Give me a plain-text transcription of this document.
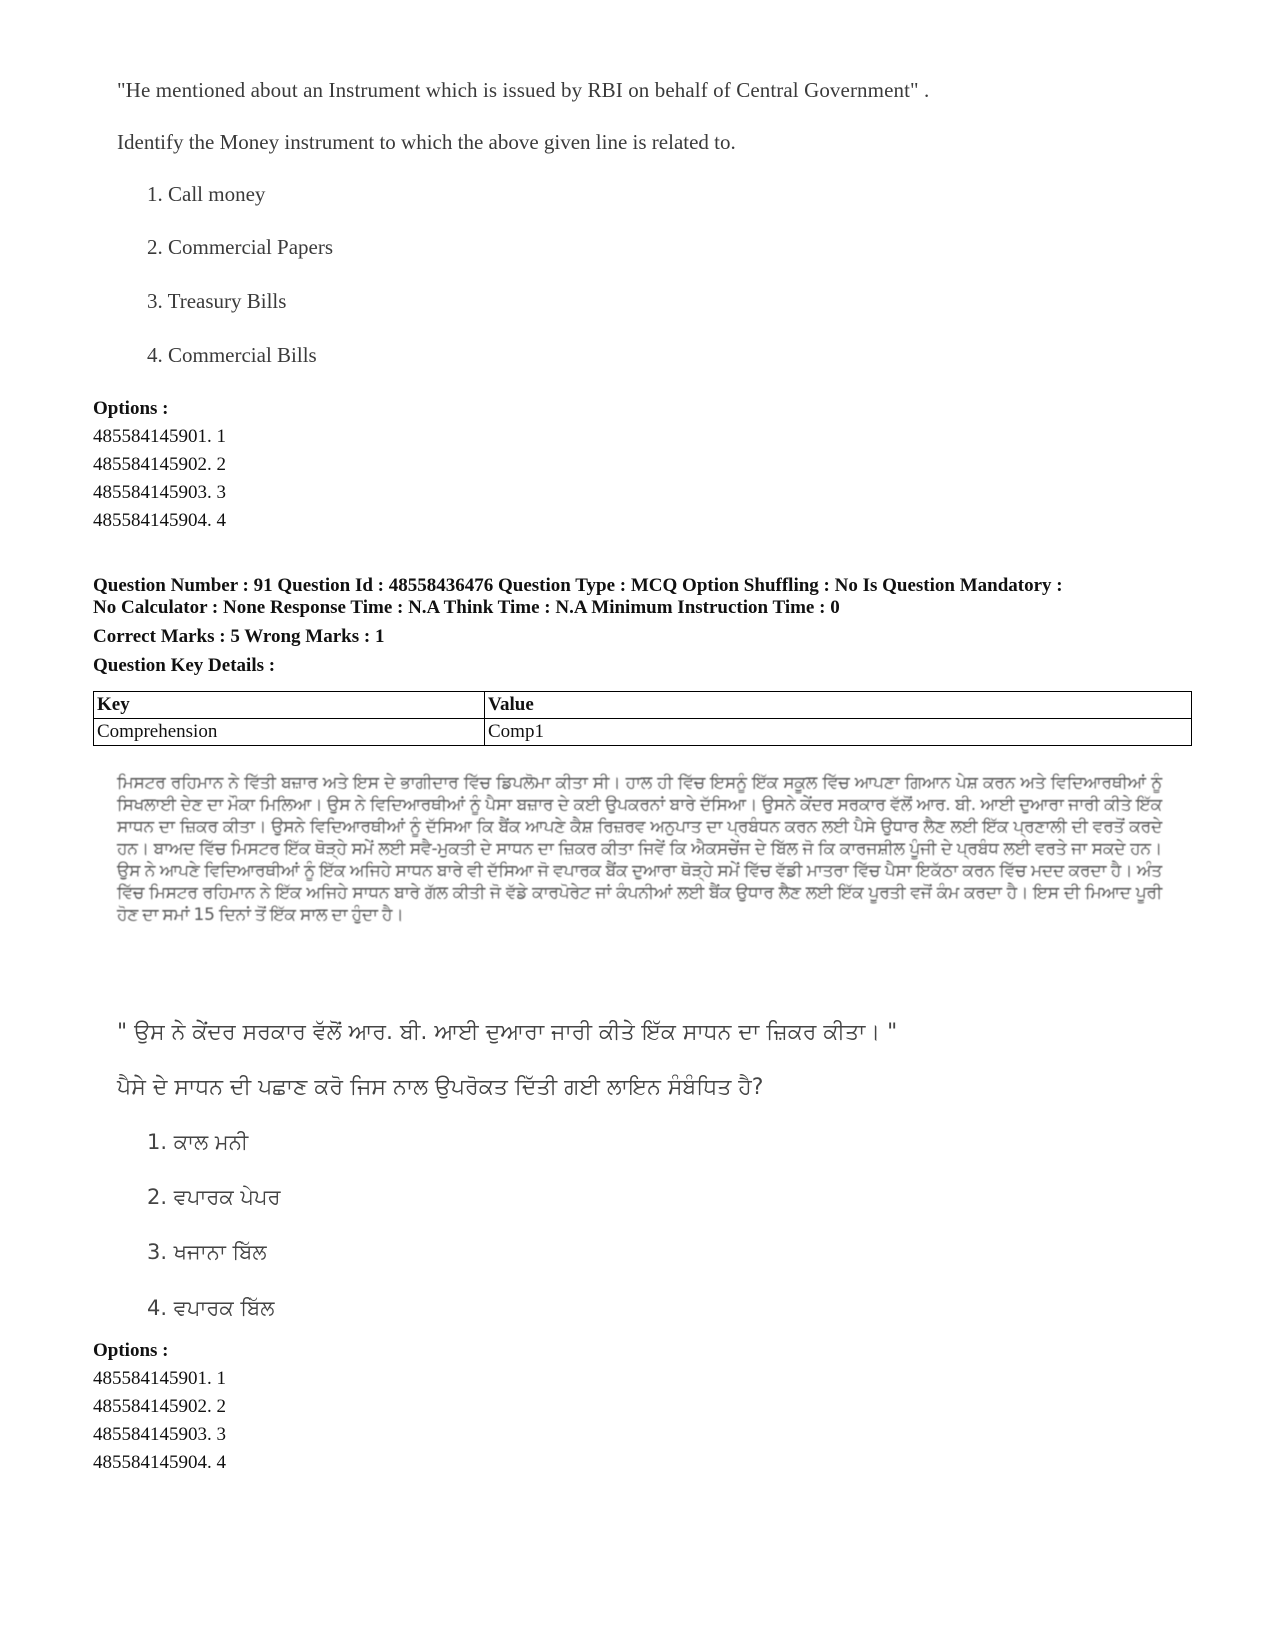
"He mentioned about an Instrument which is issued by RBI on behalf of Central Government" .
Identify the Money instrument to which the above given line is related to.
1. Call money
2. Commercial Papers
3. Treasury Bills
4. Commercial Bills
Options :
485584145901. 1
485584145902. 2
485584145903. 3
485584145904. 4
Question Number : 91 Question Id : 48558436476 Question Type : MCQ Option Shuffling : No Is Question Mandatory :
No Calculator : None Response Time : N.A Think Time : N.A Minimum Instruction Time : 0
Correct Marks : 5 Wrong Marks : 1
Question Key Details :
Key	Value
Comprehension	Comp1
ਮਿਸਟਰ ਰਹਿਮਾਨ ਨੇ ਵਿੱਤੀ ਬਜ਼ਾਰ ਅਤੇ ਇਸ ਦੇ ਭਾਗੀਦਾਰ ਵਿੱਚ ਡਿਪਲੋਮਾ ਕੀਤਾ ਸੀ। ਹਾਲ ਹੀ ਵਿੱਚ ਇਸਨੂੰ ਇੱਕ ਸਕੂਲ ਵਿੱਚ ਆਪਣਾ ਗਿਆਨ ਪੇਸ਼ ਕਰਨ ਅਤੇ ਵਿਦਿਆਰਥੀਆਂ ਨੂੰ ਸਿਖਲਾਈ ਦੇਣ ਦਾ ਮੌਕਾ ਮਿਲਿਆ। ਉਸ ਨੇ ਵਿਦਿਆਰਥੀਆਂ ਨੂੰ ਪੈਸਾ ਬਜ਼ਾਰ ਦੇ ਕਈ ਉਪਕਰਨਾਂ ਬਾਰੇ ਦੱਸਿਆ। ਉਸਨੇ ਕੇਂਦਰ ਸਰਕਾਰ ਵੱਲੋਂ ਆਰ. ਬੀ. ਆਈ ਦੁਆਰਾ ਜਾਰੀ ਕੀਤੇ ਇੱਕ ਸਾਧਨ ਦਾ ਜ਼ਿਕਰ ਕੀਤਾ। ਉਸਨੇ ਵਿਦਿਆਰਥੀਆਂ ਨੂੰ ਦੱਸਿਆ ਕਿ ਬੈਂਕ ਆਪਣੇ ਕੈਸ਼ ਰਿਜ਼ਰਵ ਅਨੁਪਾਤ ਦਾ ਪ੍ਰਬੰਧਨ ਕਰਨ ਲਈ ਪੈਸੇ ਉਧਾਰ ਲੈਣ ਲਈ ਇੱਕ ਪ੍ਰਣਾਲੀ ਦੀ ਵਰਤੋਂ ਕਰਦੇ ਹਨ। ਬਾਅਦ ਵਿੱਚ ਮਿਸਟਰ ਇੱਕ ਥੋੜ੍ਹੇ ਸਮੇਂ ਲਈ ਸਵੈ-ਮੁਕਤੀ ਦੇ ਸਾਧਨ ਦਾ ਜ਼ਿਕਰ ਕੀਤਾ ਜਿਵੇਂ ਕਿ ਐਕਸਚੇਂਜ ਦੇ ਬਿੱਲ ਜੋ ਕਿ ਕਾਰਜਸ਼ੀਲ ਪੂੰਜੀ ਦੇ ਪ੍ਰਬੰਧ ਲਈ ਵਰਤੇ ਜਾ ਸਕਦੇ ਹਨ। ਉਸ ਨੇ ਆਪਣੇ ਵਿਦਿਆਰਥੀਆਂ ਨੂੰ ਇੱਕ ਅਜਿਹੇ ਸਾਧਨ ਬਾਰੇ ਵੀ ਦੱਸਿਆ ਜੋ ਵਪਾਰਕ ਬੈਂਕ ਦੁਆਰਾ ਥੋੜ੍ਹੇ ਸਮੇਂ ਵਿੱਚ ਵੱਡੀ ਮਾਤਰਾ ਵਿੱਚ ਪੈਸਾ ਇਕੱਠਾ ਕਰਨ ਵਿੱਚ ਮਦਦ ਕਰਦਾ ਹੈ। ਅੰਤ ਵਿੱਚ ਮਿਸਟਰ ਰਹਿਮਾਨ ਨੇ ਇੱਕ ਅਜਿਹੇ ਸਾਧਨ ਬਾਰੇ ਗੱਲ ਕੀਤੀ ਜੋ ਵੱਡੇ ਕਾਰਪੋਰੇਟ ਜਾਂ ਕੰਪਨੀਆਂ ਲਈ ਬੈਂਕ ਉਧਾਰ ਲੈਣ ਲਈ ਇੱਕ ਪੂਰਤੀ ਵਜੋਂ ਕੰਮ ਕਰਦਾ ਹੈ। ਇਸ ਦੀ ਮਿਆਦ ਪੂਰੀ ਹੋਣ ਦਾ ਸਮਾਂ 15 ਦਿਨਾਂ ਤੋਂ ਇੱਕ ਸਾਲ ਦਾ ਹੁੰਦਾ ਹੈ।
" ਉਸ ਨੇ ਕੇਂਦਰ ਸਰਕਾਰ ਵੱਲੋਂ ਆਰ. ਬੀ. ਆਈ ਦੁਆਰਾ ਜਾਰੀ ਕੀਤੇ ਇੱਕ ਸਾਧਨ ਦਾ ਜ਼ਿਕਰ ਕੀਤਾ। "
ਪੈਸੇ ਦੇ ਸਾਧਨ ਦੀ ਪਛਾਣ ਕਰੋ ਜਿਸ ਨਾਲ ਉਪਰੋਕਤ ਦਿੱਤੀ ਗਈ ਲਾਇਨ ਸੰਬੰਧਿਤ ਹੈ?
1. ਕਾਲ ਮਨੀ
2. ਵਪਾਰਕ ਪੇਪਰ
3. ਖਜਾਨਾ ਬਿੱਲ
4. ਵਪਾਰਕ ਬਿੱਲ
Options :
485584145901. 1
485584145902. 2
485584145903. 3
485584145904. 4
